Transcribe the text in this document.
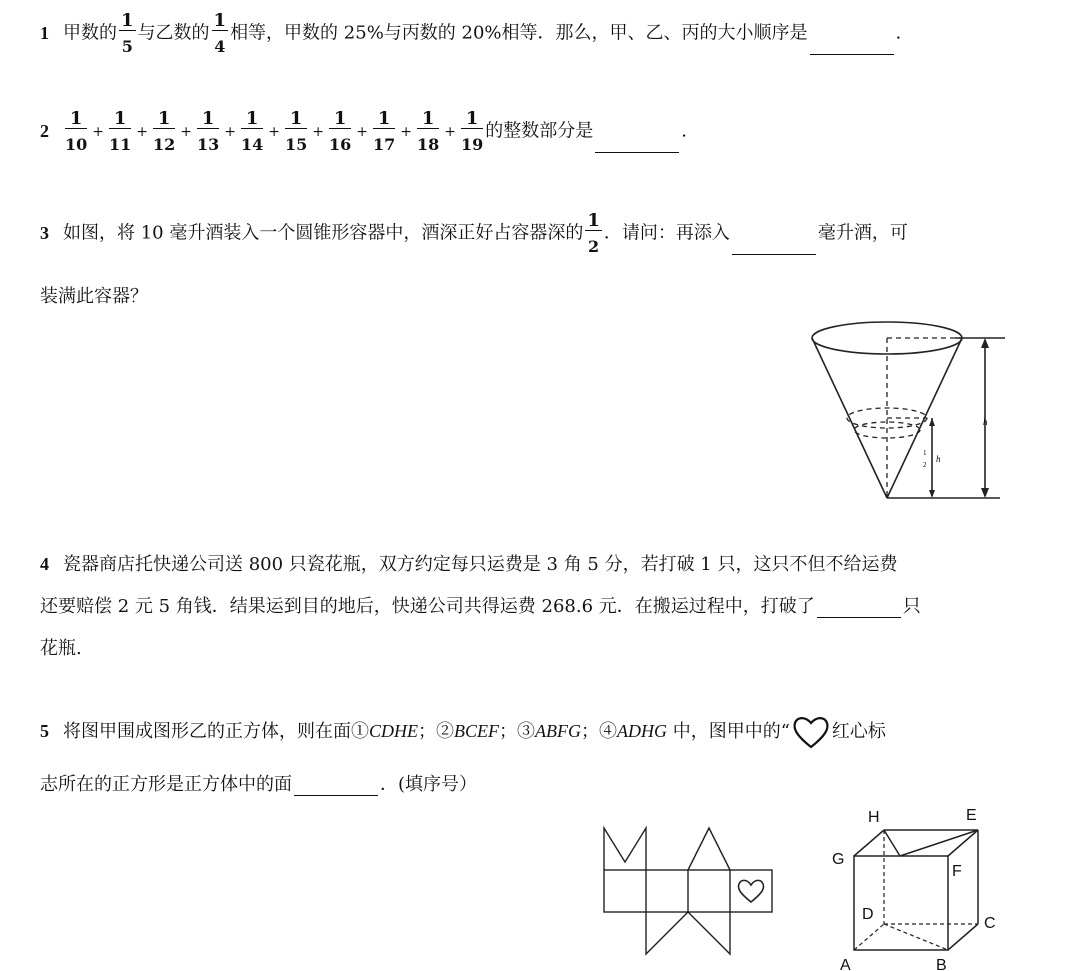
1 甲数的 $\frac{1}{5}$ 与乙数的 $\frac{1}{4}$ 相等，甲数的 25%与丙数的 20%相等．那么，甲、乙、丙的大小顺序是	.
$2 \frac{1}{10} + \frac{1}{11} + \frac{1}{12} + \frac{1}{13} + \frac{1}{14} + \frac{1}{15} + \frac{1}{16} + \frac{1}{17} + \frac{1}{18} + \frac{1}{19}$ 的整数部分是	.
3 如图，将 10 毫升酒装入一个圆锥形容器中，酒深正好占容器深的 $\frac{1}{2}$ ．请问：再添入	毫升酒，可
装满此容器？
h
1
2
h
4 瓷器商店托快递公司送 800 只瓷花瓶，双方约定每只运费是 3 角 5 分，若打破 1 只，这只不但不给运费
还要赔偿 2 元 5 角钱．结果运到目的地后，快递公司共得运费 268.6 元．在搬运过程中，打破了	只
花瓶.
5 将图甲围成图形乙的正方体，则在面①CDHE；②BCEF；③ABFG；④ADHG 中，图甲中的“ 红心标
志所在的正方形是正方体中的面	．(填序号）
H	E
G
F
D
C
A	B
